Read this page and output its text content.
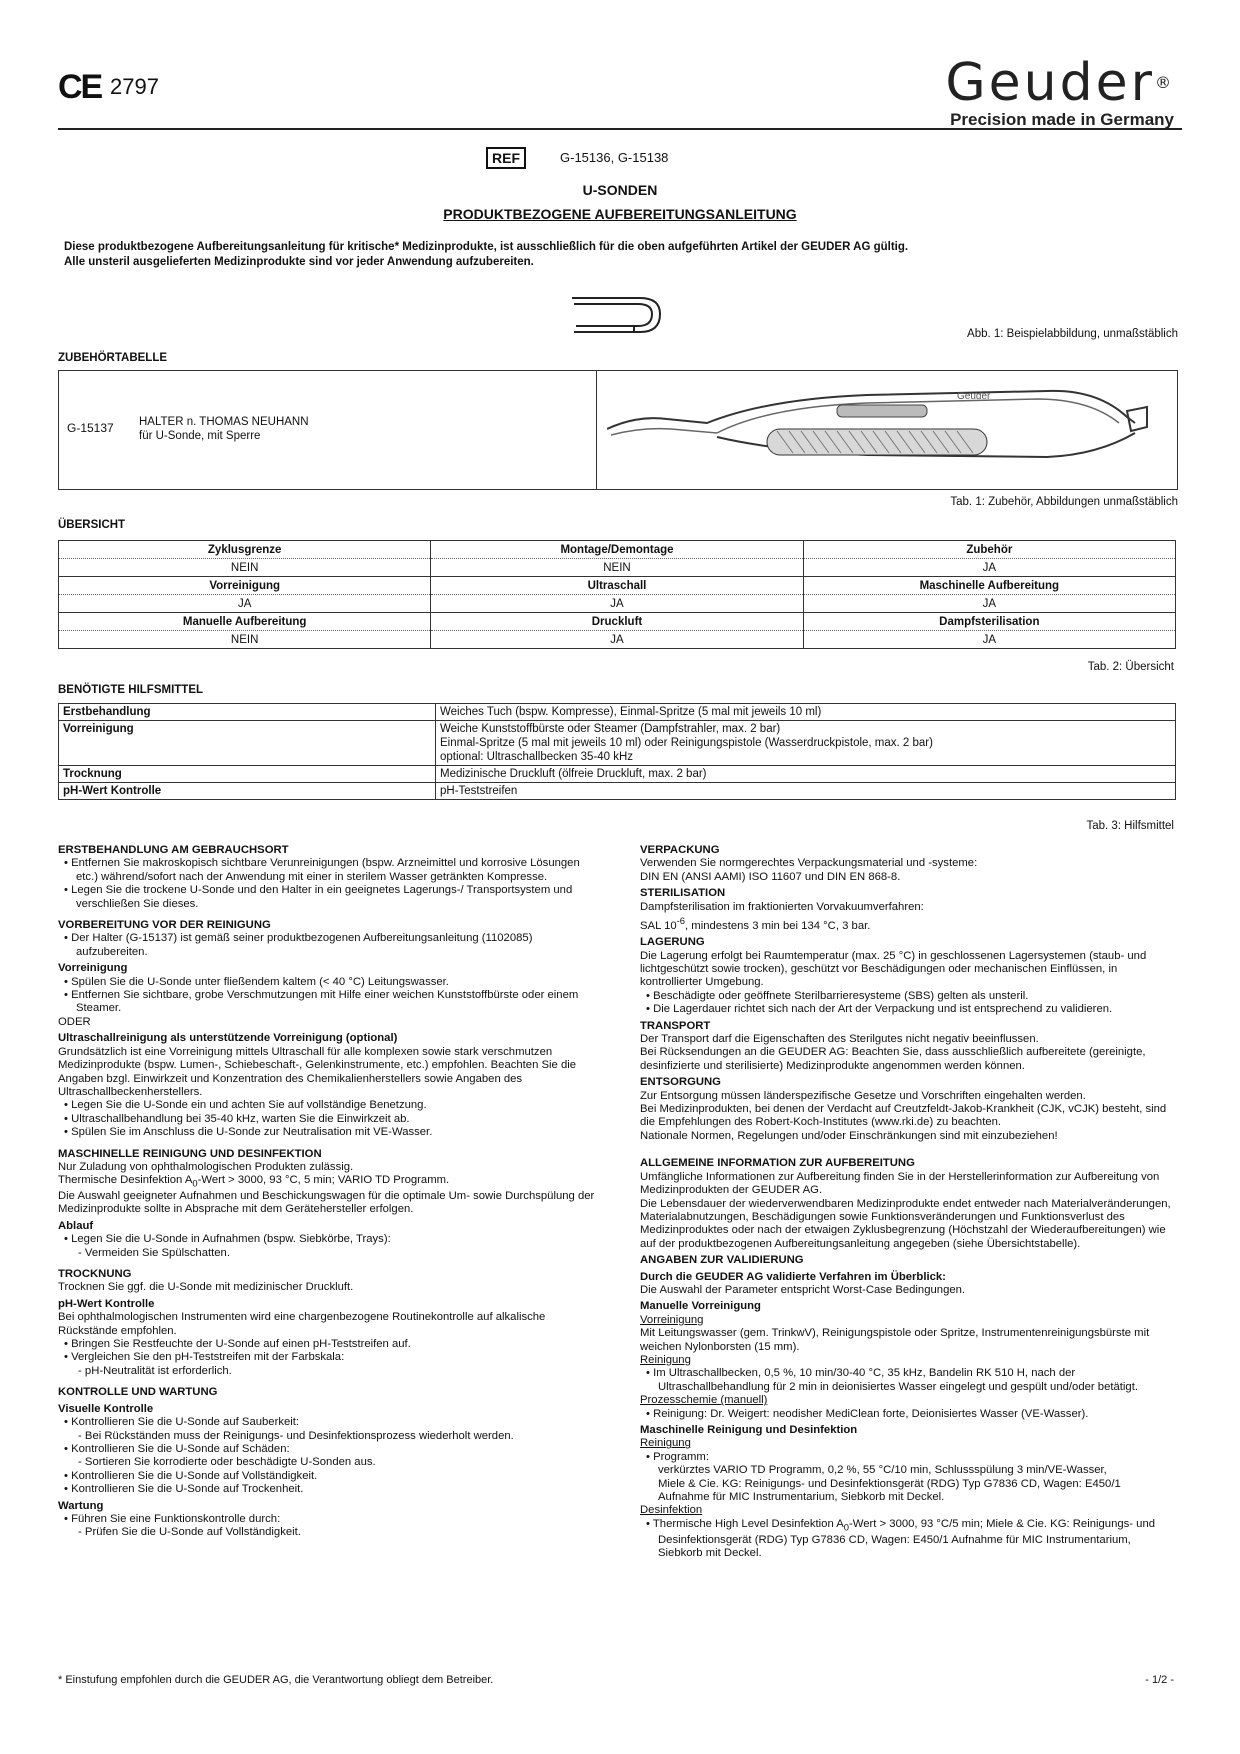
CE 2797	Geuder®
Precision made in Germany
REF	G-15136, G-15138
U-SONDEN
PRODUKTBEZOGENE AUFBEREITUNGSANLEITUNG
Diese produktbezogene Aufbereitungsanleitung für kritische* Medizinprodukte, ist ausschließlich für die oben aufgeführten Artikel der GEUDER AG gültig.
Alle unsteril ausgelieferten Medizinprodukte sind vor jeder Anwendung aufzubereiten.
Abb. 1: Beispielabbildung, unmaßstäblich
ZUBEHÖRTABELLE
G-15137 HALTER n. THOMAS NEUHANN
für U-Sonde, mit Sperre
Geuder
Tab. 1: Zubehör, Abbildungen unmaßstäblich
ÜBERSICHT
Zyklusgrenze	Montage/Demontage	Zubehör
NEIN	NEIN	JA
Vorreinigung	Ultraschall	Maschinelle Aufbereitung
JA	JA	JA
Manuelle Aufbereitung	Druckluft	Dampfsterilisation
NEIN	JA	JA
Tab. 2: Übersicht
BENÖTIGTE HILFSMITTEL
Erstbehandlung	Weiches Tuch (bspw. Kompresse), Einmal-Spritze (5 mal mit jeweils 10 ml)

Vorreinigung	Weiche Kunststoffbürste oder Steamer (Dampfstrahler, max. 2 bar)
Einmal-Spritze (5 mal mit jeweils 10 ml) oder Reinigungspistole (Wasserdruckpistole, max. 2 bar)
optional: Ultraschallbecken 35-40 kHz

Trocknung	Medizinische Druckluft (ölfreie Druckluft, max. 2 bar)

pH-Wert Kontrolle	pH-Teststreifen
Tab. 3: Hilfsmittel
ERSTBEHANDLUNG AM GEBRAUCHSORT
• Entfernen Sie makroskopisch sichtbare Verunreinigungen (bspw. Arzneimittel und korrosive Lösungen etc.) während/sofort nach der Anwendung mit einer in sterilem Wasser getränkten Kompresse.
• Legen Sie die trockene U-Sonde und den Halter in ein geeignetes Lagerungs-/ Transportsystem und verschließen Sie dieses.
VORBEREITUNG VOR DER REINIGUNG
• Der Halter (G-15137) ist gemäß seiner produktbezogenen Aufbereitungsanleitung (1102085) aufzubereiten.
Vorreinigung
• Spülen Sie die U-Sonde unter fließendem kaltem (< 40 °C) Leitungswasser.
• Entfernen Sie sichtbare, grobe Verschmutzungen mit Hilfe einer weichen Kunststoffbürste oder einem Steamer.
ODER
Ultraschallreinigung als unterstützende Vorreinigung (optional)
Grundsätzlich ist eine Vorreinigung mittels Ultraschall für alle komplexen sowie stark verschmutzen Medizinprodukte (bspw. Lumen-, Schiebeschaft-, Gelenkinstrumente, etc.) empfohlen. Beachten Sie die Angaben bzgl. Einwirkzeit und Konzentration des Chemikalienherstellers sowie Angaben des Ultraschallbeckenherstellers.
• Legen Sie die U-Sonde ein und achten Sie auf vollständige Benetzung.
• Ultraschallbehandlung bei 35-40 kHz, warten Sie die Einwirkzeit ab.
• Spülen Sie im Anschluss die U-Sonde zur Neutralisation mit VE-Wasser.
MASCHINELLE REINIGUNG UND DESINFEKTION
Nur Zuladung von ophthalmologischen Produkten zulässig.
Thermische Desinfektion $A_0$-Wert > 3000, 93 °C, 5 min; VARIO TD Programm.
Die Auswahl geeigneter Aufnahmen und Beschickungswagen für die optimale Um- sowie Durchspülung der Medizinprodukte sollte in Absprache mit dem Gerätehersteller erfolgen.
Ablauf
• Legen Sie die U-Sonde in Aufnahmen (bspw. Siebkörbe, Trays):
- Vermeiden Sie Spülschatten.
TROCKNUNG
Trocknen Sie ggf. die U-Sonde mit medizinischer Druckluft.
pH-Wert Kontrolle
Bei ophthalmologischen Instrumenten wird eine chargenbezogene Routinekontrolle auf alkalische Rückstände empfohlen.
• Bringen Sie Restfeuchte der U-Sonde auf einen pH-Teststreifen auf.
• Vergleichen Sie den pH-Teststreifen mit der Farbskala:
- pH-Neutralität ist erforderlich.
KONTROLLE UND WARTUNG
Visuelle Kontrolle
• Kontrollieren Sie die U-Sonde auf Sauberkeit:
- Bei Rückständen muss der Reinigungs- und Desinfektionsprozess wiederholt werden.
• Kontrollieren Sie die U-Sonde auf Schäden:
- Sortieren Sie korrodierte oder beschädigte U-Sonden aus.
• Kontrollieren Sie die U-Sonde auf Vollständigkeit.
• Kontrollieren Sie die U-Sonde auf Trockenheit.
Wartung
• Führen Sie eine Funktionskontrolle durch:
- Prüfen Sie die U-Sonde auf Vollständigkeit.
VERPACKUNG
Verwenden Sie normgerechtes Verpackungsmaterial und -systeme:
DIN EN (ANSI AAMI) ISO 11607 und DIN EN 868-8.
STERILISATION
Dampfsterilisation im fraktionierten Vorvakuumverfahren:
SAL $10^{-6}$, mindestens 3 min bei 134 °C, 3 bar.
LAGERUNG
Die Lagerung erfolgt bei Raumtemperatur (max. 25 °C) in geschlossenen Lagersystemen (staub- und lichtgeschützt sowie trocken), geschützt vor Beschädigungen oder mechanischen Einflüssen, in kontrollierter Umgebung.
• Beschädigte oder geöffnete Sterilbarrieresysteme (SBS) gelten als unsteril.
• Die Lagerdauer richtet sich nach der Art der Verpackung und ist entsprechend zu validieren.
TRANSPORT
Der Transport darf die Eigenschaften des Sterilgutes nicht negativ beeinflussen.
Bei Rücksendungen an die GEUDER AG: Beachten Sie, dass ausschließlich aufbereitete (gereinigte, desinfizierte und sterilisierte) Medizinprodukte angenommen werden können.
ENTSORGUNG
Zur Entsorgung müssen länderspezifische Gesetze und Vorschriften eingehalten werden.
Bei Medizinprodukten, bei denen der Verdacht auf Creutzfeldt-Jakob-Krankheit (CJK, vCJK) besteht, sind die Empfehlungen des Robert-Koch-Institutes (www.rki.de) zu beachten.
Nationale Normen, Regelungen und/oder Einschränkungen sind mit einzubeziehen!
ALLGEMEINE INFORMATION ZUR AUFBEREITUNG
Umfängliche Informationen zur Aufbereitung finden Sie in der Herstellerinformation zur Aufbereitung von Medizinprodukten der GEUDER AG.
Die Lebensdauer der wiederverwendbaren Medizinprodukte endet entweder nach Materialveränderungen, Materialabnutzungen, Beschädigungen sowie Funktionsveränderungen und Funktionsverlust des Medizinproduktes oder nach der etwaigen Zyklusbegrenzung (Höchstzahl der Wiederaufbereitungen) wie auf der produktbezogenen Aufbereitungsanleitung angegeben (siehe Übersichtstabelle).
ANGABEN ZUR VALIDIERUNG
Durch die GEUDER AG validierte Verfahren im Überblick:
Die Auswahl der Parameter entspricht Worst-Case Bedingungen.
Manuelle Vorreinigung
Vorreinigung
Mit Leitungswasser (gem. TrinkwV), Reinigungspistole oder Spritze, Instrumentenreinigungsbürste mit weichen Nylonborsten (15 mm).
Reinigung
• Im Ultraschallbecken, 0,5 %, 10 min/30-40 °C, 35 kHz, Bandelin RK 510 H, nach der Ultraschallbehandlung für 2 min in deionisiertes Wasser eingelegt und gespült und/oder betätigt.
Prozesschemie (manuell)
• Reinigung: Dr. Weigert: neodisher MediClean forte, Deionisiertes Wasser (VE-Wasser).
Maschinelle Reinigung und Desinfektion
Reinigung
• Programm:
verkürztes VARIO TD Programm, 0,2 %, 55 °C/10 min, Schlussspülung 3 min/VE-Wasser,
Miele & Cie. KG: Reinigungs- und Desinfektionsgerät (RDG) Typ G7836 CD, Wagen: E450/1
Aufnahme für MIC Instrumentarium, Siebkorb mit Deckel.
Desinfektion
• Thermische High Level Desinfektion $A_0$-Wert > 3000, 93 °C/5 min; Miele & Cie. KG: Reinigungs- und Desinfektionsgerät (RDG) Typ G7836 CD, Wagen: E450/1 Aufnahme für MIC Instrumentarium, Siebkorb mit Deckel.
* Einstufung empfohlen durch die GEUDER AG, die Verantwortung obliegt dem Betreiber.	- 1/2 -
